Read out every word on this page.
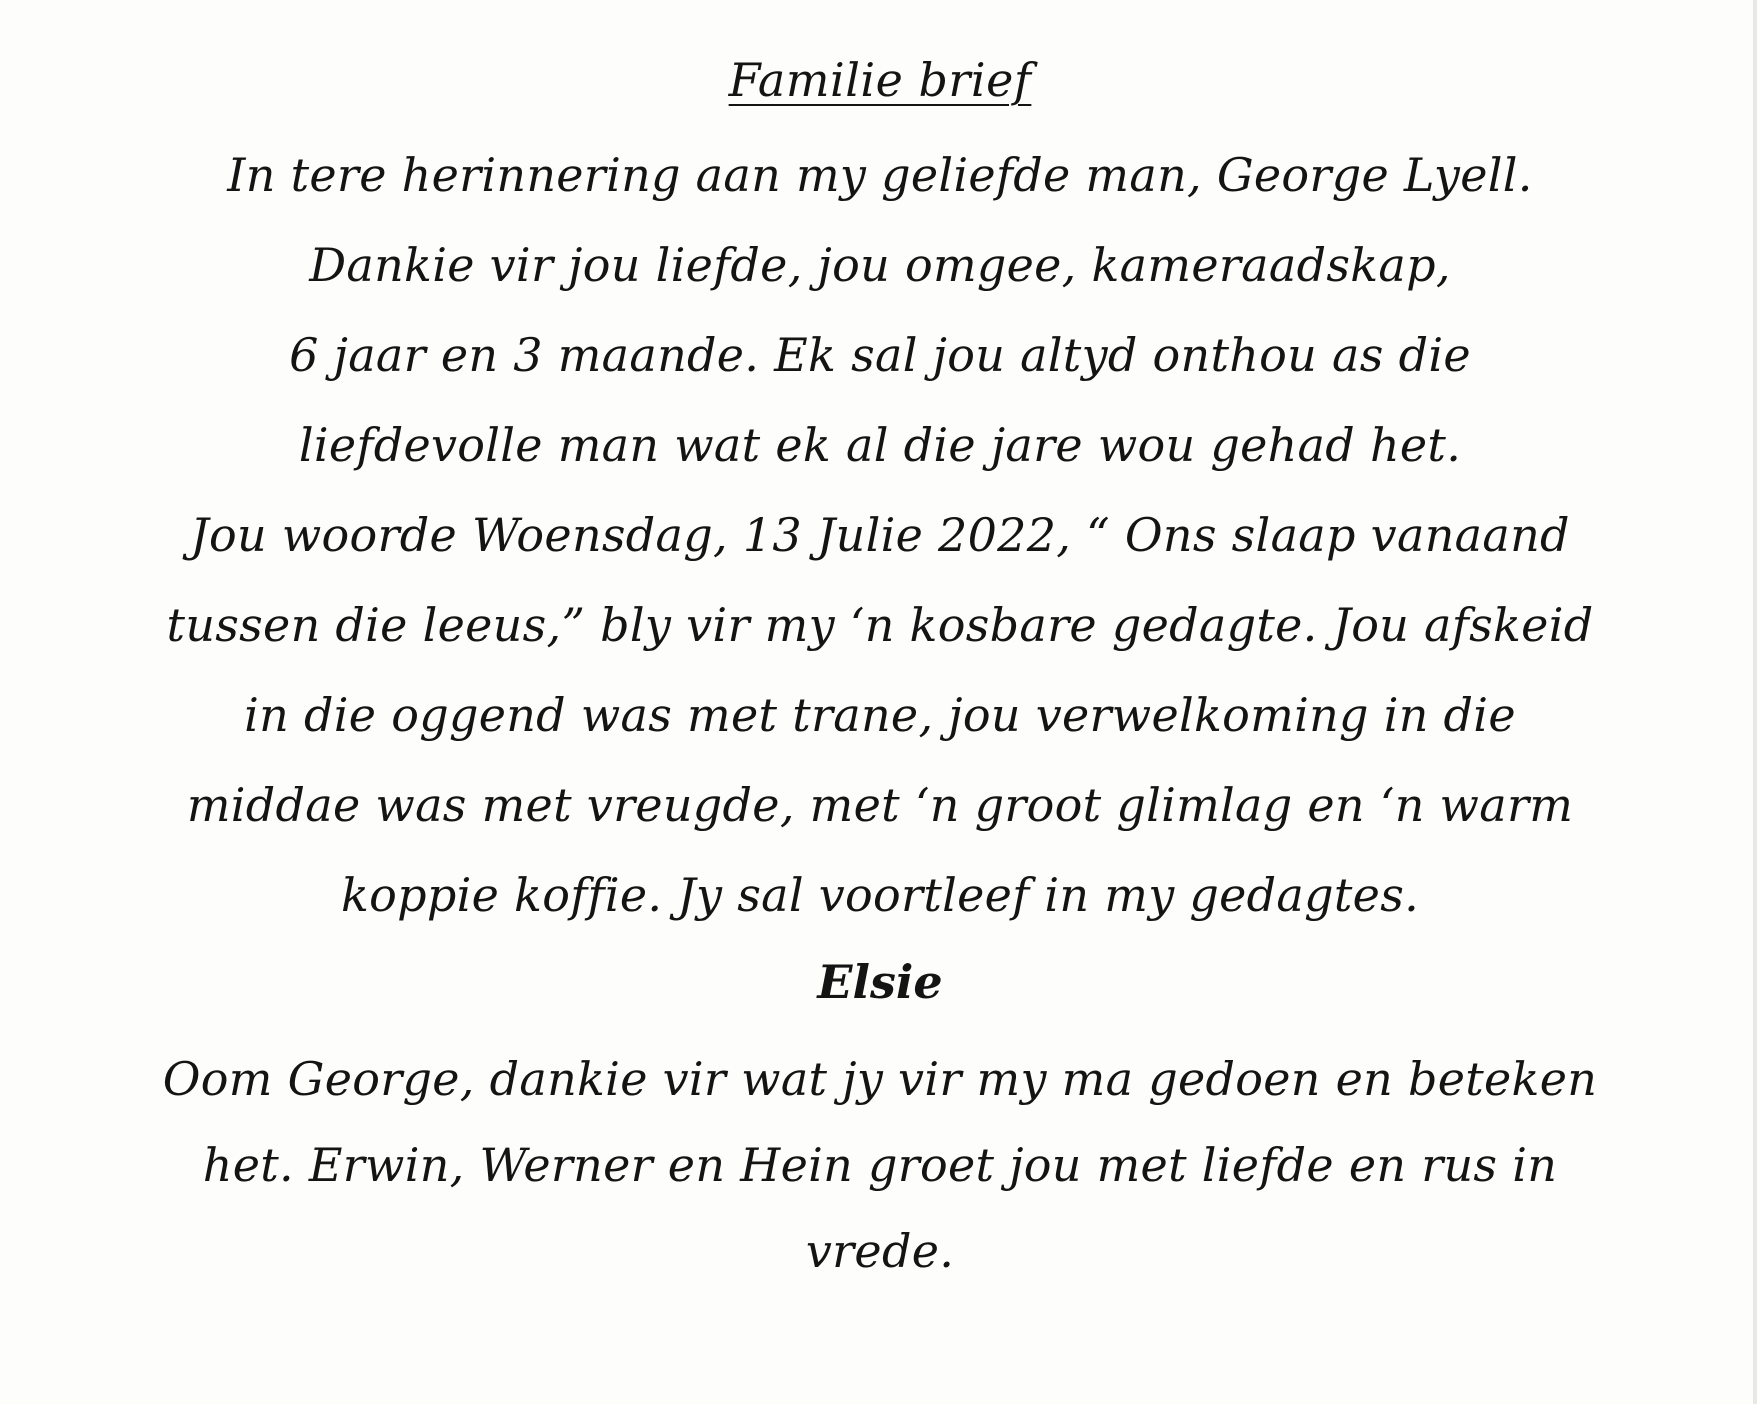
Familie brief
In tere herinnering aan my geliefde man, George Lyell.
Dankie vir jou liefde, jou omgee, kameraadskap,
6 jaar en 3 maande. Ek sal jou altyd onthou as die
liefdevolle man wat ek al die jare wou gehad het.
Jou woorde Woensdag, 13 Julie 2022, “ Ons slaap vanaand
tussen die leeus,” bly vir my ‘n kosbare gedagte. Jou afskeid
in die oggend was met trane, jou verwelkoming in die
middae was met vreugde, met ‘n groot glimlag en ‘n warm
koppie koffie. Jy sal voortleef in my gedagtes.
Elsie
Oom George, dankie vir wat jy vir my ma gedoen en beteken
het. Erwin, Werner en Hein groet jou met liefde en rus in
vrede.
